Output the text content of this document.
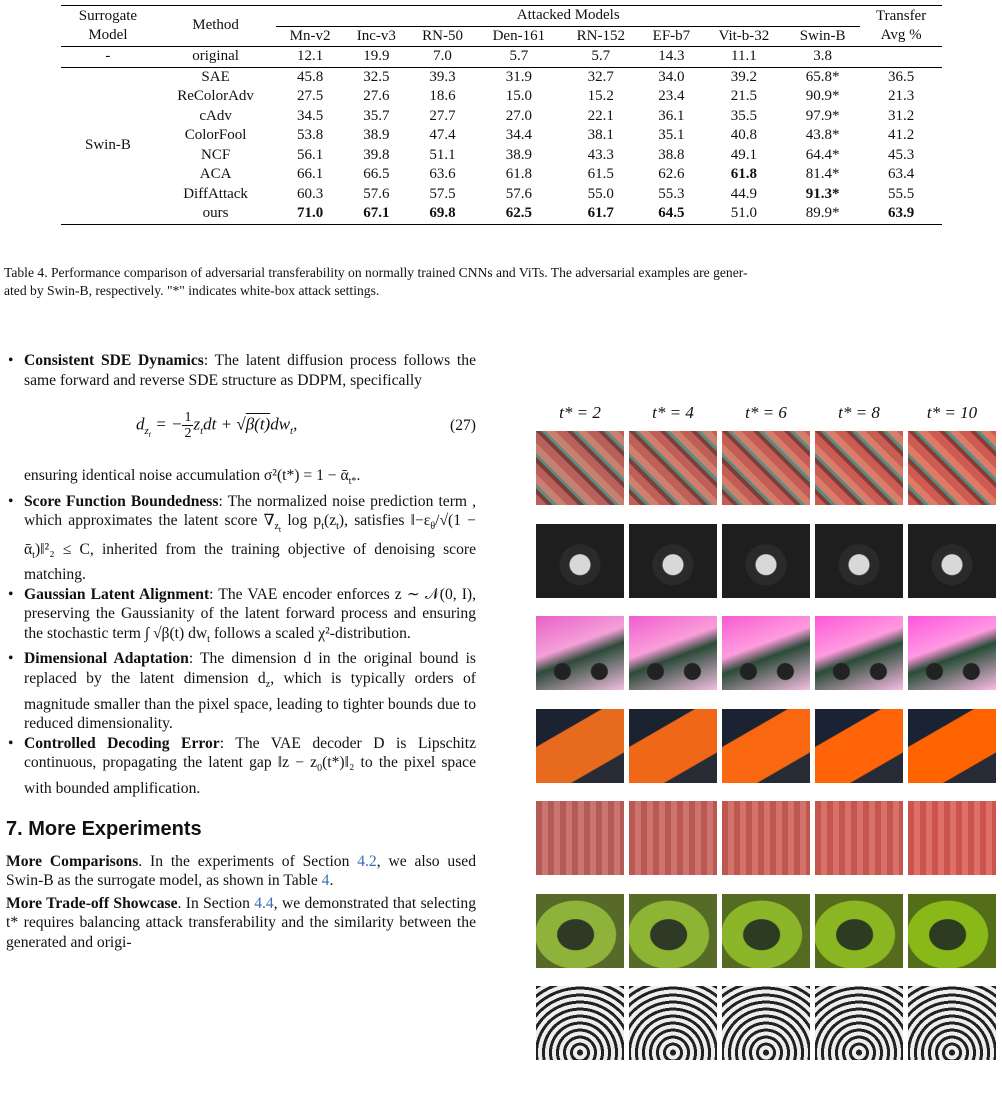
Surrogate
Model	Method	Attacked Models								Transfer
Avg %
		Mn-v2	Inc-v3	RN-50	Den-161	RN-152	EF-b7	Vit-b-32	Swin-B	
-	original	12.1	19.9	7.0	5.7	5.7	14.3	11.1	3.8	
Swin-B	SAE	45.8	32.5	39.3	31.9	32.7	34.0	39.2	65.8*	36.5
	ReColorAdv	27.5	27.6	18.6	15.0	15.2	23.4	21.5	90.9*	21.3
	cAdv	34.5	35.7	27.7	27.0	22.1	36.1	35.5	97.9*	31.2
	ColorFool	53.8	38.9	47.4	34.4	38.1	35.1	40.8	43.8*	41.2
	NCF	56.1	39.8	51.1	38.9	43.3	38.8	49.1	64.4*	45.3
	ACA	66.1	66.5	63.6	61.8	61.5	62.6	61.8	81.4*	63.4
	DiffAttack	60.3	57.6	57.5	57.6	55.0	55.3	44.9	91.3*	55.5
	ours	71.0	67.1	69.8	62.5	61.7	64.5	51.0	89.9*	63.9
Table 4. Performance comparison of adversarial transferability on normally trained CNNs and ViTs. The adversarial examples are gener-
ated by Swin-B, respectively. "*" indicates white-box attack settings.
• Consistent SDE Dynamics: The latent diffusion process follows the same forward and reverse SDE structure as DDPM, specifically
$d_{z_t}$ = − $\frac{1}{2} z_tdt + √\beta(t)dw_t$,	(27)
ensuring identical noise accumulation σ²(t*) = 1 − ᾱ$_{t*}$.
• Score Function Boundedness: The normalized noise prediction term , which approximates the latent score $\nabla_{z_t}$ $\log p_t(z_t)$, satisfies $‖-\varepsilon_\theta/√(1$ − ᾱ$_t$)‖²₂ ≤ C, inherited from the training objective of denoising score matching.
• Gaussian Latent Alignment: The VAE encoder enforces z ∼ 𝒩(0, I), preserving the Gaussianity of the latent forward process and ensuring the stochastic term ∫ √β(t) $dw_t$ follows a scaled χ²-distribution.
• Dimensional Adaptation: The dimension d in the original bound is replaced by the latent dimension $d_z$, which is typically orders of magnitude smaller than the pixel space, leading to tighter bounds due to reduced dimensionality.
• Controlled Decoding Error: The VAE decoder D is Lipschitz continuous, propagating the latent gap ‖z − $z_0(t*)‖_2$ to the pixel space with bounded amplification.
7. More Experiments
More Comparisons. In the experiments of Section 4.2, we also used Swin-B as the surrogate model, as shown in Table 4.
More Trade-off Showcase. In Section 4.4, we demonstrated that selecting t* requires balancing attack transferability and the similarity between the generated and origi-
t* = 2	t* = 4	t* = 6	t* = 8	t* = 10
